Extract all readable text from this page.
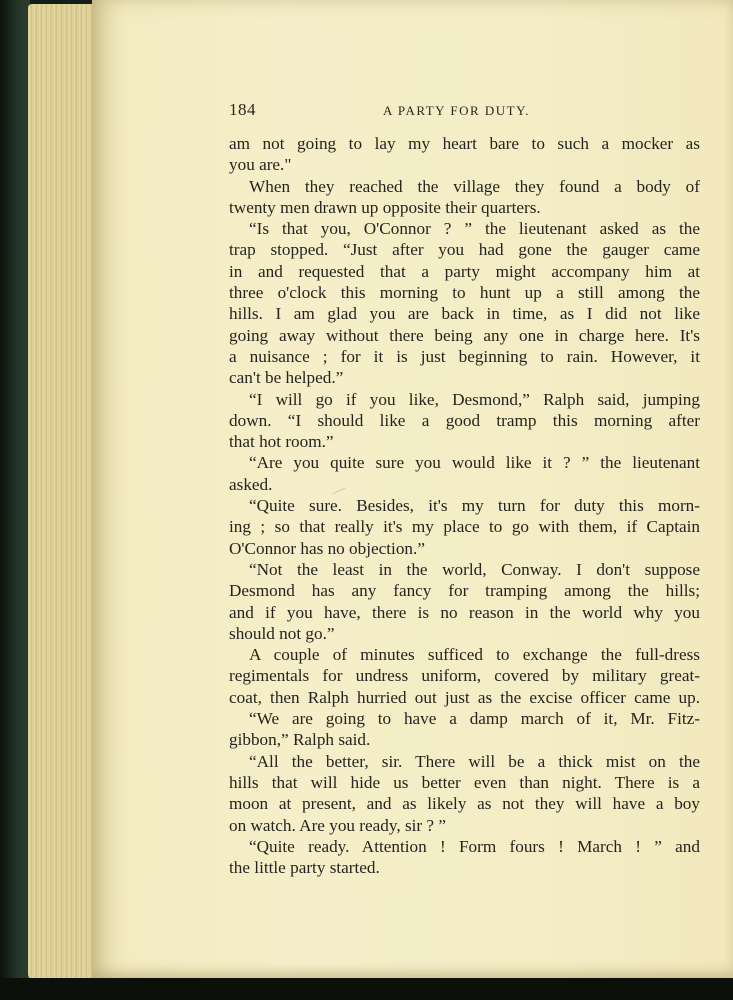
184	A PARTY FOR DUTY.
am not going to lay my heart bare to such a mocker as
you are."
When they reached the village they found a body of
twenty men drawn up opposite their quarters.
“Is that you, O'Connor ? ” the lieutenant asked as the
trap stopped. “Just after you had gone the gauger came
in and requested that a party might accompany him at
three o'clock this morning to hunt up a still among the
hills. I am glad you are back in time, as I did not like
going away without there being any one in charge here. It's
a nuisance ; for it is just beginning to rain. However, it
can't be helped.”
“I will go if you like, Desmond,” Ralph said, jumping
down. “I should like a good tramp this morning after
that hot room.”
“Are you quite sure you would like it ? ” the lieutenant
asked.
“Quite sure. Besides, it's my turn for duty this morn-
ing ; so that really it's my place to go with them, if Captain
O'Connor has no objection.”
“Not the least in the world, Conway. I don't suppose
Desmond has any fancy for tramping among the hills;
and if you have, there is no reason in the world why you
should not go.”
A couple of minutes sufficed to exchange the full-dress
regimentals for undress uniform, covered by military great-
coat, then Ralph hurried out just as the excise officer came up.
“We are going to have a damp march of it, Mr. Fitz-
gibbon,” Ralph said.
“All the better, sir. There will be a thick mist on the
hills that will hide us better even than night. There is a
moon at present, and as likely as not they will have a boy
on watch. Are you ready, sir ? ”
“Quite ready. Attention ! Form fours ! March ! ” and
the little party started.
